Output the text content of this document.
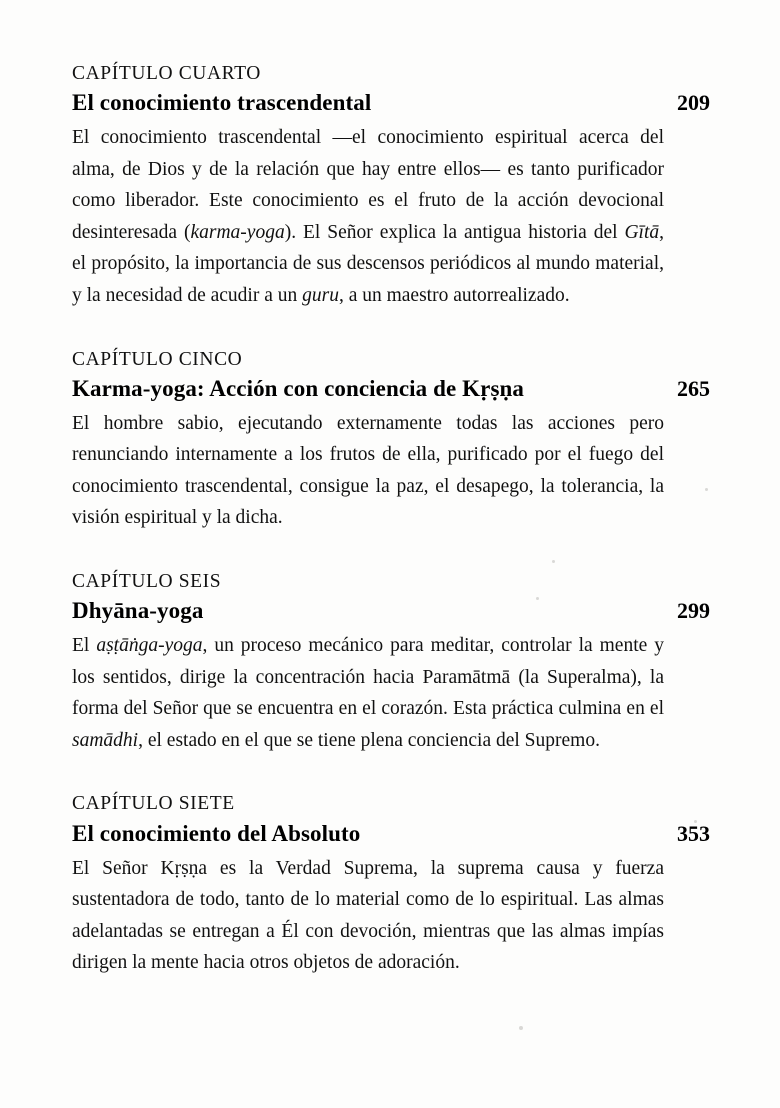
CAPÍTULO CUARTO
El conocimiento trascendental	209

El conocimiento trascendental —el conocimiento espiritual acerca del alma, de Dios y de la relación que hay entre ellos— es tanto purificador como liberador. Este conocimiento es el fruto de la acción devocional desinteresada (karma-yoga). El Señor explica la antigua historia del Gītā, el propósito, la importancia de sus descensos periódicos al mundo material, y la necesidad de acudir a un guru, a un maestro autorrealizado.

CAPÍTULO CINCO
Karma-yoga: Acción con conciencia de Kṛṣṇa	265

El hombre sabio, ejecutando externamente todas las acciones pero renunciando internamente a los frutos de ella, purificado por el fuego del conocimiento trascendental, consigue la paz, el desapego, la tolerancia, la visión espiritual y la dicha.

CAPÍTULO SEIS
Dhyāna-yoga	299

El aṣṭāṅga-yoga, un proceso mecánico para meditar, controlar la mente y los sentidos, dirige la concentración hacia Paramātmā (la Superalma), la forma del Señor que se encuentra en el corazón. Esta práctica culmina en el samādhi, el estado en el que se tiene plena conciencia del Supremo.

CAPÍTULO SIETE
El conocimiento del Absoluto	353

El Señor Kṛṣṇa es la Verdad Suprema, la suprema causa y fuerza sustentadora de todo, tanto de lo material como de lo espiritual. Las almas adelantadas se entregan a Él con devoción, mientras que las almas impías dirigen la mente hacia otros objetos de adoración.
